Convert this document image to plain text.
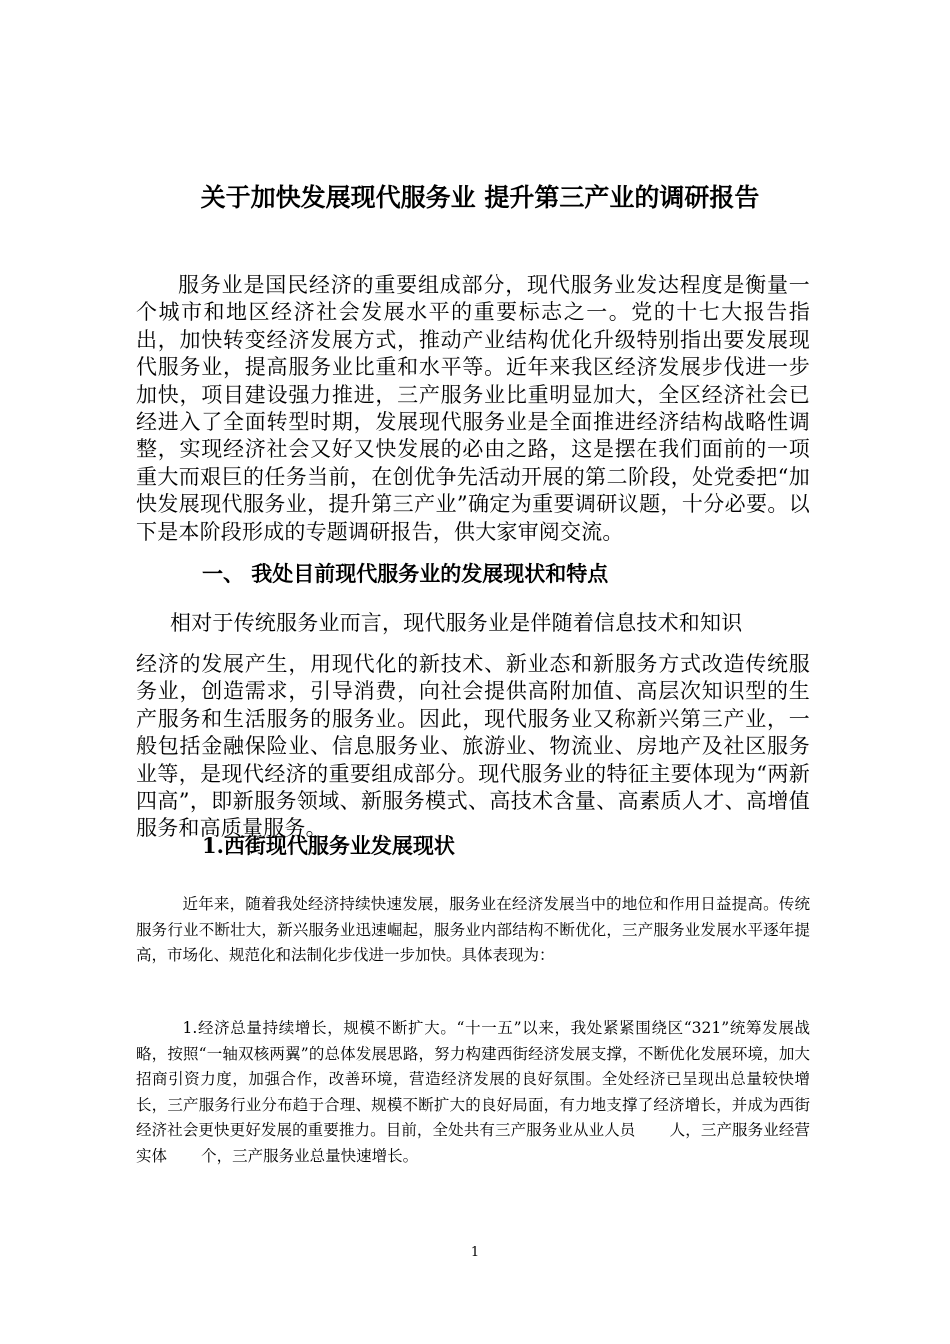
关于加快发展现代服务业 提升第三产业的调研报告

服务业是国民经济的重要组成部分，现代服务业发达程度是衡量一个城市和地区经济社会发展水平的重要标志之一。党的十七大报告指出，加快转变经济发展方式，推动产业结构优化升级特别指出要发展现代服务业，提高服务业比重和水平等。近年来我区经济发展步伐进一步加快，项目建设强力推进，三产服务业比重明显加大，全区经济社会已经进入了全面转型时期，发展现代服务业是全面推进经济结构战略性调整，实现经济社会又好又快发展的必由之路，这是摆在我们面前的一项重大而艰巨的任务当前，在创优争先活动开展的第二阶段，处党委把“加快发展现代服务业，提升第三产业”确定为重要调研议题，十分必要。以下是本阶段形成的专题调研报告，供大家审阅交流。

一、 我处目前现代服务业的发展现状和特点

相对于传统服务业而言，现代服务业是伴随着信息技术和知识

经济的发展产生，用现代化的新技术、新业态和新服务方式改造传统服务业，创造需求，引导消费，向社会提供高附加值、高层次知识型的生产服务和生活服务的服务业。因此，现代服务业又称新兴第三产业，一般包括金融保险业、信息服务业、旅游业、物流业、房地产及社区服务业等，是现代经济的重要组成部分。现代服务业的特征主要体现为“两新四高”，即新服务领域、新服务模式、高技术含量、高素质人才、高增值服务和高质量服务。

1.西街现代服务业发展现状

近年来，随着我处经济持续快速发展，服务业在经济发展当中的地位和作用日益提高。传统服务行业不断壮大，新兴服务业迅速崛起，服务业内部结构不断优化，三产服务业发展水平逐年提高，市场化、规范化和法制化步伐进一步加快。具体表现为：

1.经济总量持续增长，规模不断扩大。“十一五”以来，我处紧紧围绕区“321”统筹发展战略，按照“一轴双核两翼”的总体发展思路，努力构建西街经济发展支撑，不断优化发展环境，加大招商引资力度，加强合作，改善环境，营造经济发展的良好氛围。全处经济已呈现出总量较快增长，三产服务行业分布趋于合理、规模不断扩大的良好局面，有力地支撑了经济增长，并成为西街经济社会更快更好发展的重要推力。目前，全处共有三产服务业从业人员 人，三产服务业经营实体 个，三产服务业总量快速增长。

1
